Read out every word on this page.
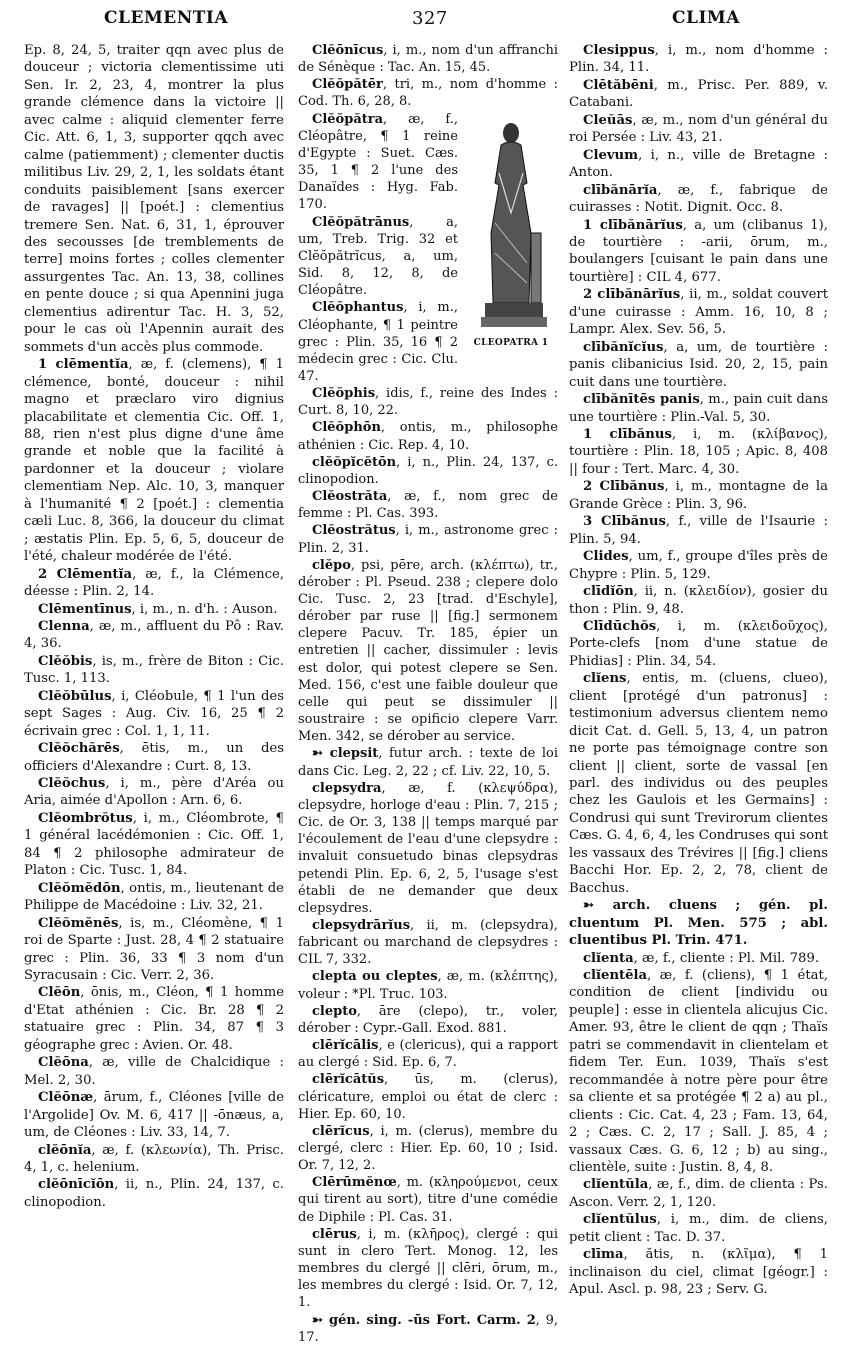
CLEMENTIA	327	CLIMA

Ep. 8, 24, 5, traiter qqn avec plus de douceur ; victoria clementissime uti Sen. Ir. 2, 23, 4, montrer la plus grande clémence dans la victoire || avec calme : aliquid clementer ferre Cic. Att. 6, 1, 3, supporter qqch avec calme (patiemment) ; clementer ductis militibus Liv. 29, 2, 1, les soldats étant conduits paisiblement [sans exercer de ravages] || [poét.] : clementius tremere Sen. Nat. 6, 31, 1, éprouver des secousses [de tremblements de terre] moins fortes ; colles clementer assurgentes Tac. An. 13, 38, collines en pente douce ; si qua Apennini juga clementius adirentur Tac. H. 3, 52, pour le cas où l'Apennin aurait des sommets d'un accès plus commode.

1 clēmentĭa, æ, f. (clemens), ¶ 1 clémence, bonté, douceur : nihil magno et præclaro viro dignius placabilitate et clementia Cic. Off. 1, 88, rien n'est plus digne d'une âme grande et noble que la facilité à pardonner et la douceur ; violare clementiam Nep. Alc. 10, 3, manquer à l'humanité ¶ 2 [poét.] : clementia cæli Luc. 8, 366, la douceur du climat ; æstatis Plin. Ep. 5, 6, 5, douceur de l'été, chaleur modérée de l'été.

2 Clēmentĭa, æ, f., la Clémence, déesse : Plin. 2, 14.

Clēmentīnus, i, m., n. d'h. : Auson.

Clenna, æ, m., affluent du Pô : Rav. 4, 36.

Clĕŏbis, is, m., frère de Biton : Cic. Tusc. 1, 113.

Clĕŏbūlus, i, Cléobule, ¶ 1 l'un des sept Sages : Aug. Civ. 16, 25 ¶ 2 écrivain grec : Col. 1, 1, 11.

Clĕŏchărēs, ētis, m., un des officiers d'Alexandre : Curt. 8, 13.

Clĕŏchus, i, m., père d'Aréa ou Aria, aimée d'Apollon : Arn. 6, 6.

Clĕombrŏtus, i, m., Cléombrote, ¶ 1 général lacédémonien : Cic. Off. 1, 84 ¶ 2 philosophe admirateur de Platon : Cic. Tusc. 1, 84.

Clĕŏmĕdōn, ontis, m., lieutenant de Philippe de Macédoine : Liv. 32, 21.

Clĕŏmĕnēs, is, m., Cléomène, ¶ 1 roi de Sparte : Just. 28, 4 ¶ 2 statuaire grec : Plin. 36, 33 ¶ 3 nom d'un Syracusain : Cic. Verr. 2, 36.

Clĕōn, ōnis, m., Cléon, ¶ 1 homme d'Etat athénien : Cic. Br. 28 ¶ 2 statuaire grec : Plin. 34, 87 ¶ 3 géographe grec : Avien. Or. 48.

Clĕōna, æ, ville de Chalcidique : Mel. 2, 30.

Clĕōnæ, ārum, f., Cléones [ville de l'Argolide] Ov. M. 6, 417 || -ōnæus, a, um, de Cléones : Liv. 33, 14, 7.

clĕōnĭa, æ, f. (κλεωνία), Th. Prisc. 4, 1, c. helenium.

clĕōnīcĭōn, ii, n., Plin. 24, 137, c. clinopodion.

Clĕōnīcus, i, m., nom d'un affranchi de Sénèque : Tac. An. 15, 45.

Clĕŏpătēr, tri, m., nom d'homme : Cod. Th. 6, 28, 8.

CLEOPATRA 1

Clĕŏpătra, æ, f., Cléopâtre, ¶ 1 reine d'Egypte : Suet. Cæs. 35, 1 ¶ 2 l'une des Danaïdes : Hyg. Fab. 170.

Clĕŏpătrānus, a, um, Treb. Trig. 32 et Clĕŏpătrĭcus, a, um, Sid. 8, 12, 8, de Cléopâtre.

Clĕŏphantus, i, m., Cléophante, ¶ 1 peintre grec : Plin. 35, 16 ¶ 2 médecin grec : Cic. Clu. 47.

Clĕŏphis, idis, f., reine des Indes : Curt. 8, 10, 22.

Clĕŏphōn, ontis, m., philosophe athénien : Cic. Rep. 4, 10.

clĕŏpĭcĕtōn, i, n., Plin. 24, 137, c. clinopodion.

Clĕostrăta, æ, f., nom grec de femme : Pl. Cas. 393.

Clĕostrătus, i, m., astronome grec : Plin. 2, 31.

clĕpo, psi, pēre, arch. (κλέπτω), tr., dérober : Pl. Pseud. 238 ; clepere dolo Cic. Tusc. 2, 23 [trad. d'Eschyle], dérober par ruse || [fig.] sermonem clepere Pacuv. Tr. 185, épier un entretien || cacher, dissimuler : levis est dolor, qui potest clepere se Sen. Med. 156, c'est une faible douleur que celle qui peut se dissimuler || soustraire : se opificio clepere Varr. Men. 342, se dérober au service.

➳ clepsit, futur arch. : texte de loi dans Cic. Leg. 2, 22 ; cf. Liv. 22, 10, 5.

clepsydra, æ, f. (κλεψύδρα), clepsydre, horloge d'eau : Plin. 7, 215 ; Cic. de Or. 3, 138 || temps marqué par l'écoulement de l'eau d'une clepsydre : invaluit consuetudo binas clepsydras petendi Plin. Ep. 6, 2, 5, l'usage s'est établi de ne demander que deux clepsydres.

clepsydrārĭus, ii, m. (clepsydra), fabricant ou marchand de clepsydres : CIL 7, 332.

clepta ou cleptes, æ, m. (κλέπτης), voleur : *Pl. Truc. 103.

clepto, āre (clepo), tr., voler, dérober : Cypr.-Gall. Exod. 881.

clērĭcālis, e (clericus), qui a rapport au clergé : Sid. Ep. 6, 7.

clērĭcātŭs, ūs, m. (clerus), cléricature, emploi ou état de clerc : Hier. Ep. 60, 10.

clērĭcus, i, m. (clerus), membre du clergé, clerc : Hier. Ep. 60, 10 ; Isid. Or. 7, 12, 2.

Clērūmĕnœ, m. (κληρούμενοι, ceux qui tirent au sort), titre d'une comédie de Diphile : Pl. Cas. 31.

clērus, i, m. (κλῆρος), clergé : qui sunt in clero Tert. Monog. 12, les membres du clergé || clēri, ōrum, m., les membres du clergé : Isid. Or. 7, 12, 1.

➳ gén. sing. -ūs Fort. Carm. 2, 9, 17.

Clesippus, i, m., nom d'homme : Plin. 34, 11.

Clētăbēni, m., Prisc. Per. 889, v. Catabani.

Cleŭās, æ, m., nom d'un général du roi Persée : Liv. 43, 21.

Clevum, i, n., ville de Bretagne : Anton.

clībănārĭa, æ, f., fabrique de cuirasses : Notit. Dignit. Occ. 8.

1 clībănārĭus, a, um (clibanus 1), de tourtière : -arii, ōrum, m., boulangers [cuisant le pain dans une tourtière] : CIL 4, 677.

2 clībănārĭus, ii, m., soldat couvert d'une cuirasse : Amm. 16, 10, 8 ; Lampr. Alex. Sev. 56, 5.

clībănĭcĭus, a, um, de tourtière : panis clibanicius Isid. 20, 2, 15, pain cuit dans une tourtière.

clībănītēs panis, m., pain cuit dans une tourtière : Plin.-Val. 5, 30.

1 clībănus, i, m. (κλίβανος), tourtière : Plin. 18, 105 ; Apic. 8, 408 || four : Tert. Marc. 4, 30.

2 Clībănus, i, m., montagne de la Grande Grèce : Plin. 3, 96.

3 Clībănus, f., ville de l'Isaurie : Plin. 5, 94.

Clides, um, f., groupe d'îles près de Chypre : Plin. 5, 129.

clīdĭōn, ii, n. (κλειδίον), gosier du thon : Plin. 9, 48.

Clīdūchŏs, i, m. (κλειδοῦχος), Porte-clefs [nom d'une statue de Phidias] : Plin. 34, 54.

clĭens, entis, m. (cluens, clueo), client [protégé d'un patronus] : testimonium adversus clientem nemo dicit Cat. d. Gell. 5, 13, 4, un patron ne porte pas témoignage contre son client || client, sorte de vassal [en parl. des individus ou des peuples chez les Gaulois et les Germains] : Condrusi qui sunt Trevirorum clientes Cæs. G. 4, 6, 4, les Condruses qui sont les vassaux des Trévires || [fig.] cliens Bacchi Hor. Ep. 2, 2, 78, client de Bacchus.

➳ arch. cluens ; gén. pl. cluentum Pl. Men. 575 ; abl. cluentibus Pl. Trin. 471.

clĭenta, æ, f., cliente : Pl. Mil. 789.

clĭentēla, æ, f. (cliens), ¶ 1 état, condition de client [individu ou peuple] : esse in clientela alicujus Cic. Amer. 93, être le client de qqn ; Thaïs patri se commendavit in clientelam et fidem Ter. Eun. 1039, Thaïs s'est recommandée à notre père pour être sa cliente et sa protégée ¶ 2 a) au pl., clients : Cic. Cat. 4, 23 ; Fam. 13, 64, 2 ; Cæs. C. 2, 17 ; Sall. J. 85, 4 ; vassaux Cæs. G. 6, 12 ; b) au sing., clientèle, suite : Justin. 8, 4, 8.

clĭentŭla, æ, f., dim. de clienta : Ps. Ascon. Verr. 2, 1, 120.

clĭentŭlus, i, m., dim. de cliens, petit client : Tac. D. 37.

clīma, ătis, n. (κλῖμα), ¶ 1 inclinaison du ciel, climat [géogr.] : Apul. Ascl. p. 98, 23 ; Serv. G.
